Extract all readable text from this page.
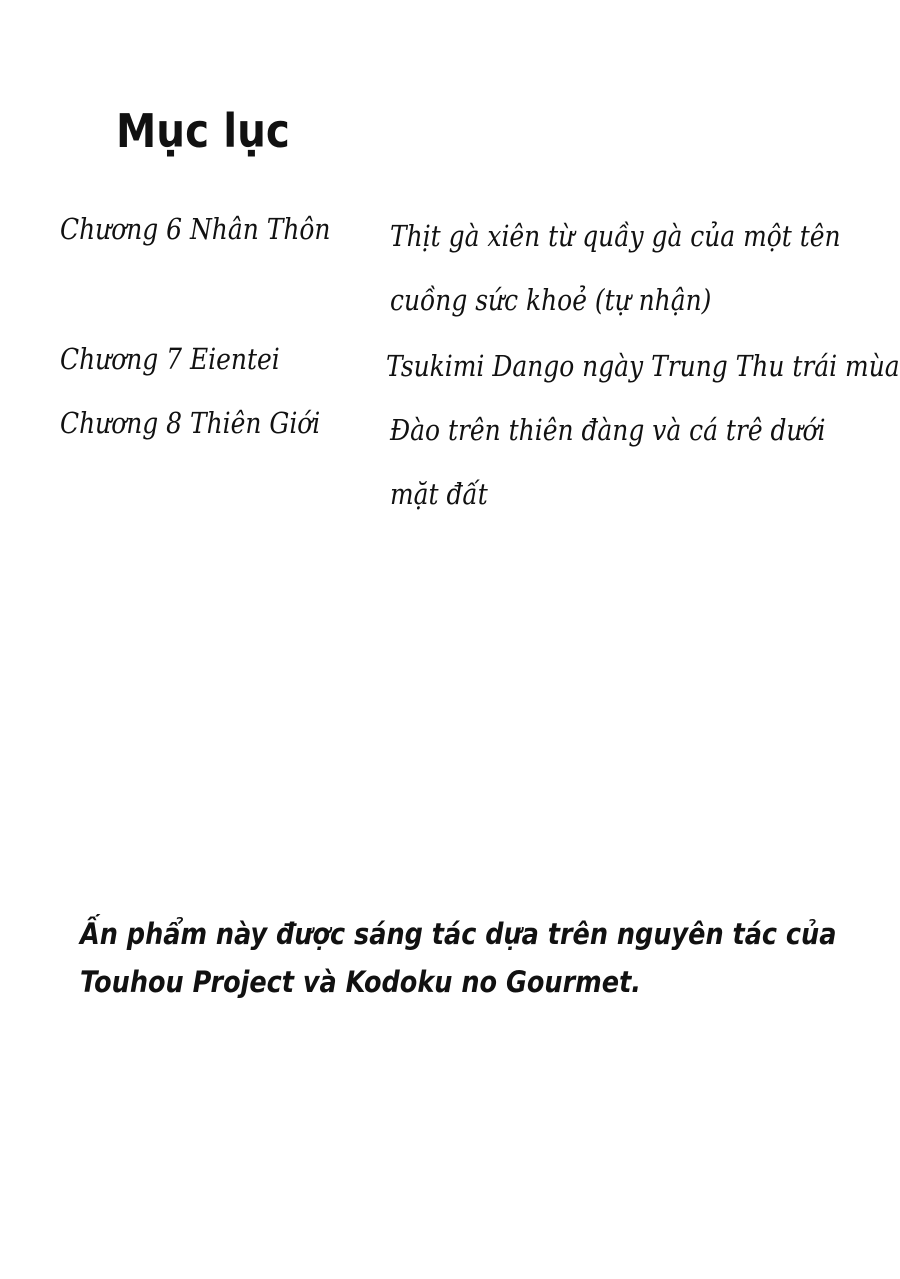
Mục lục
Chương 6 Nhân Thôn Thịt gà xiên từ quầy gà của một tên
cuồng sức khoẻ (tự nhận)
Chương 7 Eientei	Tsukimi Dango ngày Trung Thu trái mùa
Chương 8 Thiên Giới Đào trên thiên đàng và cá trê dưới
mặt đất
Ấn phẩm này được sáng tác dựa trên nguyên tác của
Touhou Project và Kodoku no Gourmet.
